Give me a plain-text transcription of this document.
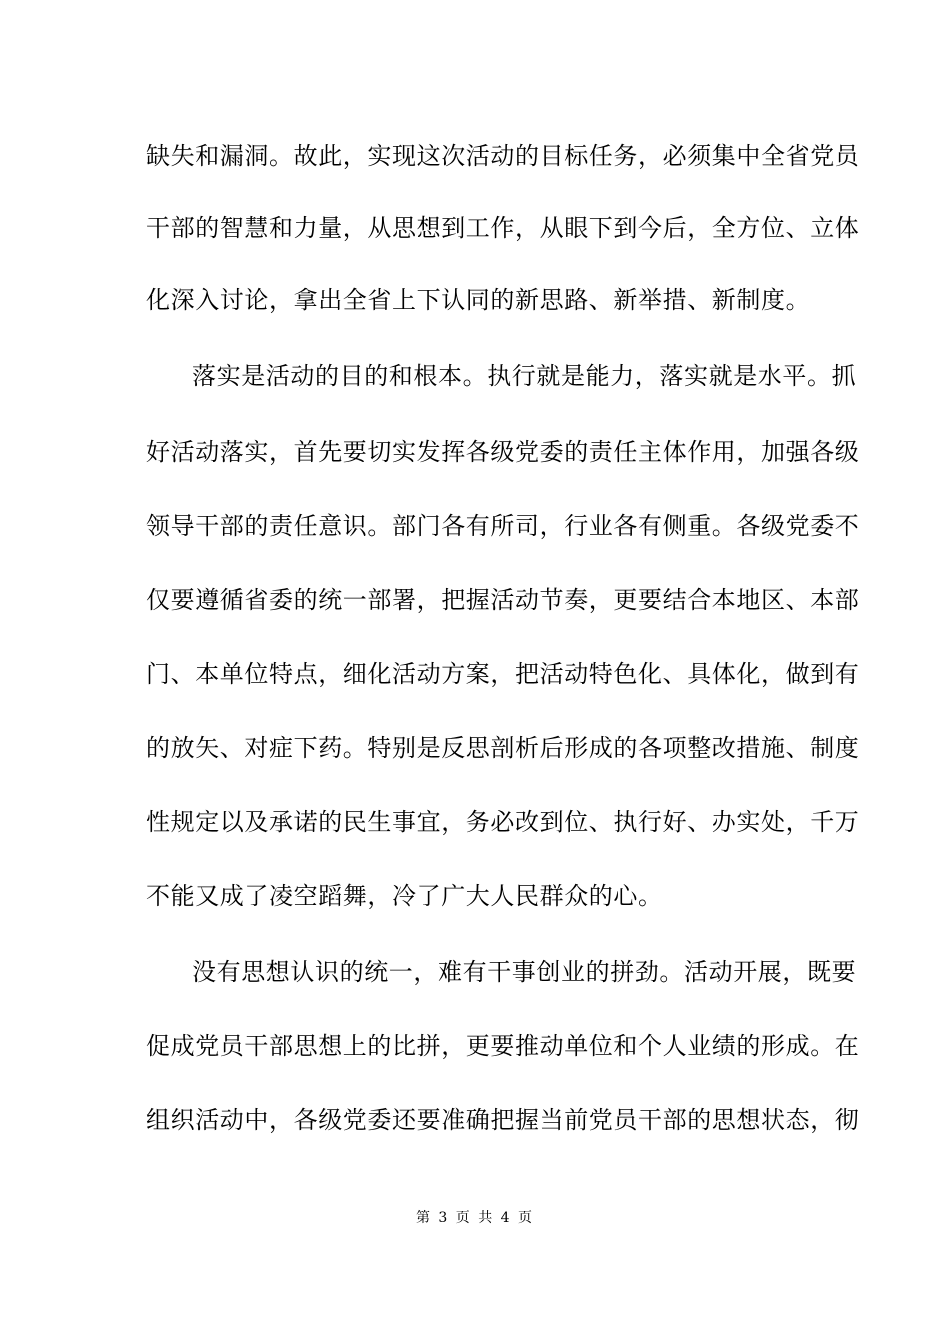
缺失和漏洞。故此，实现这次活动的目标任务，必须集中全省党员
干部的智慧和力量，从思想到工作，从眼下到今后，全方位、立体
化深入讨论，拿出全省上下认同的新思路、新举措、新制度。
落实是活动的目的和根本。执行就是能力，落实就是水平。抓
好活动落实，首先要切实发挥各级党委的责任主体作用，加强各级
领导干部的责任意识。部门各有所司，行业各有侧重。各级党委不
仅要遵循省委的统一部署，把握活动节奏，更要结合本地区、本部
门、本单位特点，细化活动方案，把活动特色化、具体化，做到有
的放矢、对症下药。特别是反思剖析后形成的各项整改措施、制度
性规定以及承诺的民生事宜，务必改到位、执行好、办实处，千万
不能又成了凌空蹈舞，冷了广大人民群众的心。
没有思想认识的统一，难有干事创业的拼劲。活动开展，既要
促成党员干部思想上的比拼，更要推动单位和个人业绩的形成。在
组织活动中，各级党委还要准确把握当前党员干部的思想状态，彻
第 3 页 共 4 页
